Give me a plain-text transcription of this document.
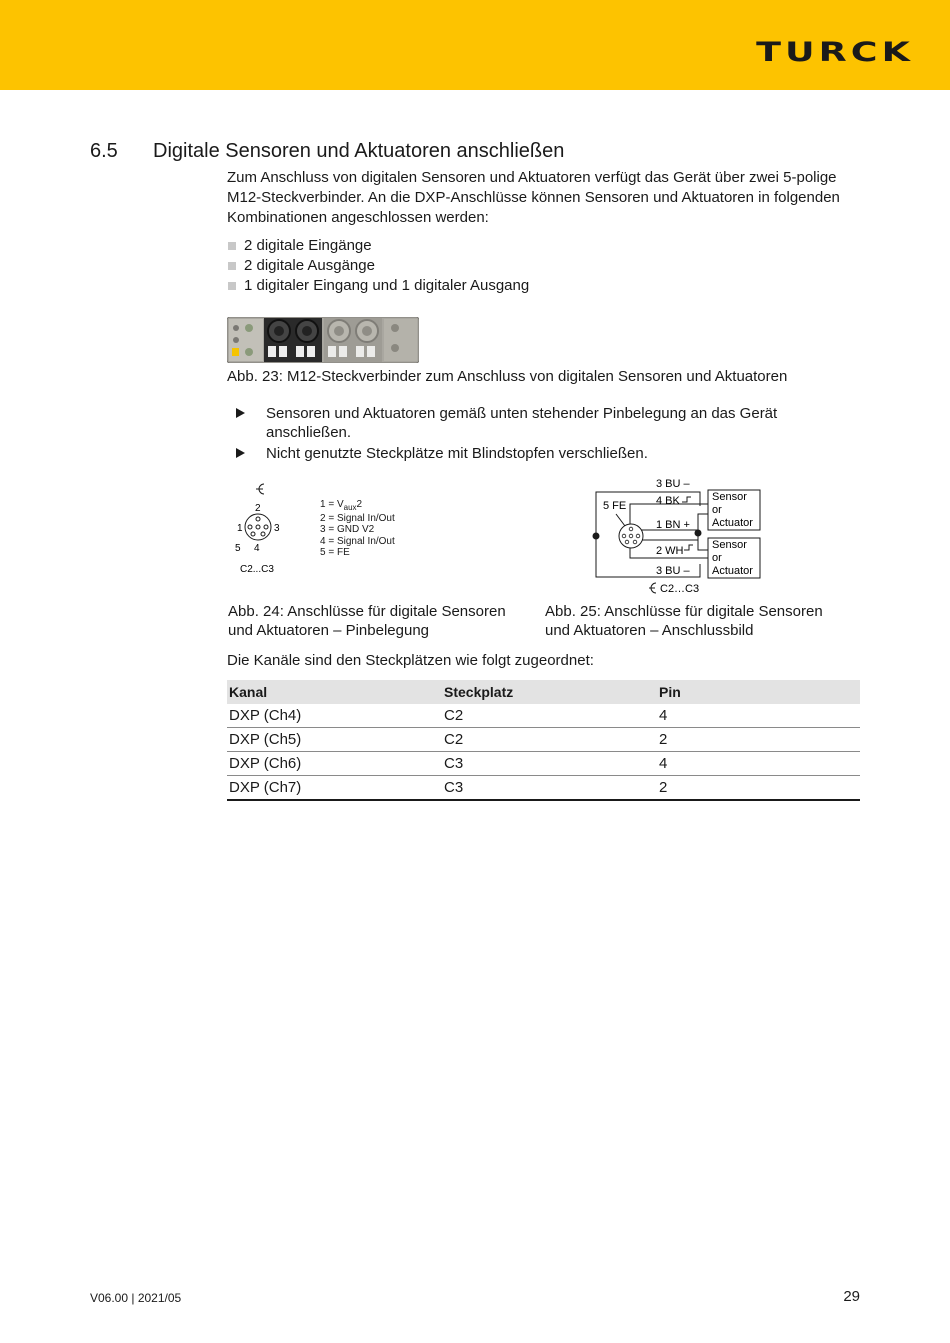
TURCK
6.5 Digitale Sensoren und Aktuatoren anschließen
Zum Anschluss von digitalen Sensoren und Aktuatoren verfügt das Gerät über zwei 5-polige M12-Steckverbinder. An die DXP-Anschlüsse können Sensoren und Aktuatoren in folgenden Kombinationen angeschlossen werden:
2 digitale Eingänge
2 digitale Ausgänge
1 digitaler Eingang und 1 digitaler Ausgang
Abb. 23: M12-Steckverbinder zum Anschluss von digitalen Sensoren und Aktuatoren
Sensoren und Aktuatoren gemäß unten stehender Pinbelegung an das Gerät anschließen.
Nicht genutzte Steckplätze mit Blindstopfen verschließen.
2
1	3
5 4
C2...C3
$1 = V_{aux}2$
2 = Signal In/Out
3 = GND V2
4 = Signal In/Out
5 = FE
3 BU –
5 FE	4 BK
1 BN +
2 WH
3 BU –
Sensor
or
Actuator
Sensor
or
Actuator
C2…C3
Abb. 24: Anschlüsse für digitale Sensoren
und Aktuatoren – Pinbelegung
Abb. 25: Anschlüsse für digitale Sensoren
und Aktuatoren – Anschlussbild
Die Kanäle sind den Steckplätzen wie folgt zugeordnet:
Kanal	Steckplatz	Pin
DXP (Ch4)	C2	4
DXP (Ch5)	C2	2
DXP (Ch6)	C3	4
DXP (Ch7)	C3	2
V06.00 | 2021/05	29
